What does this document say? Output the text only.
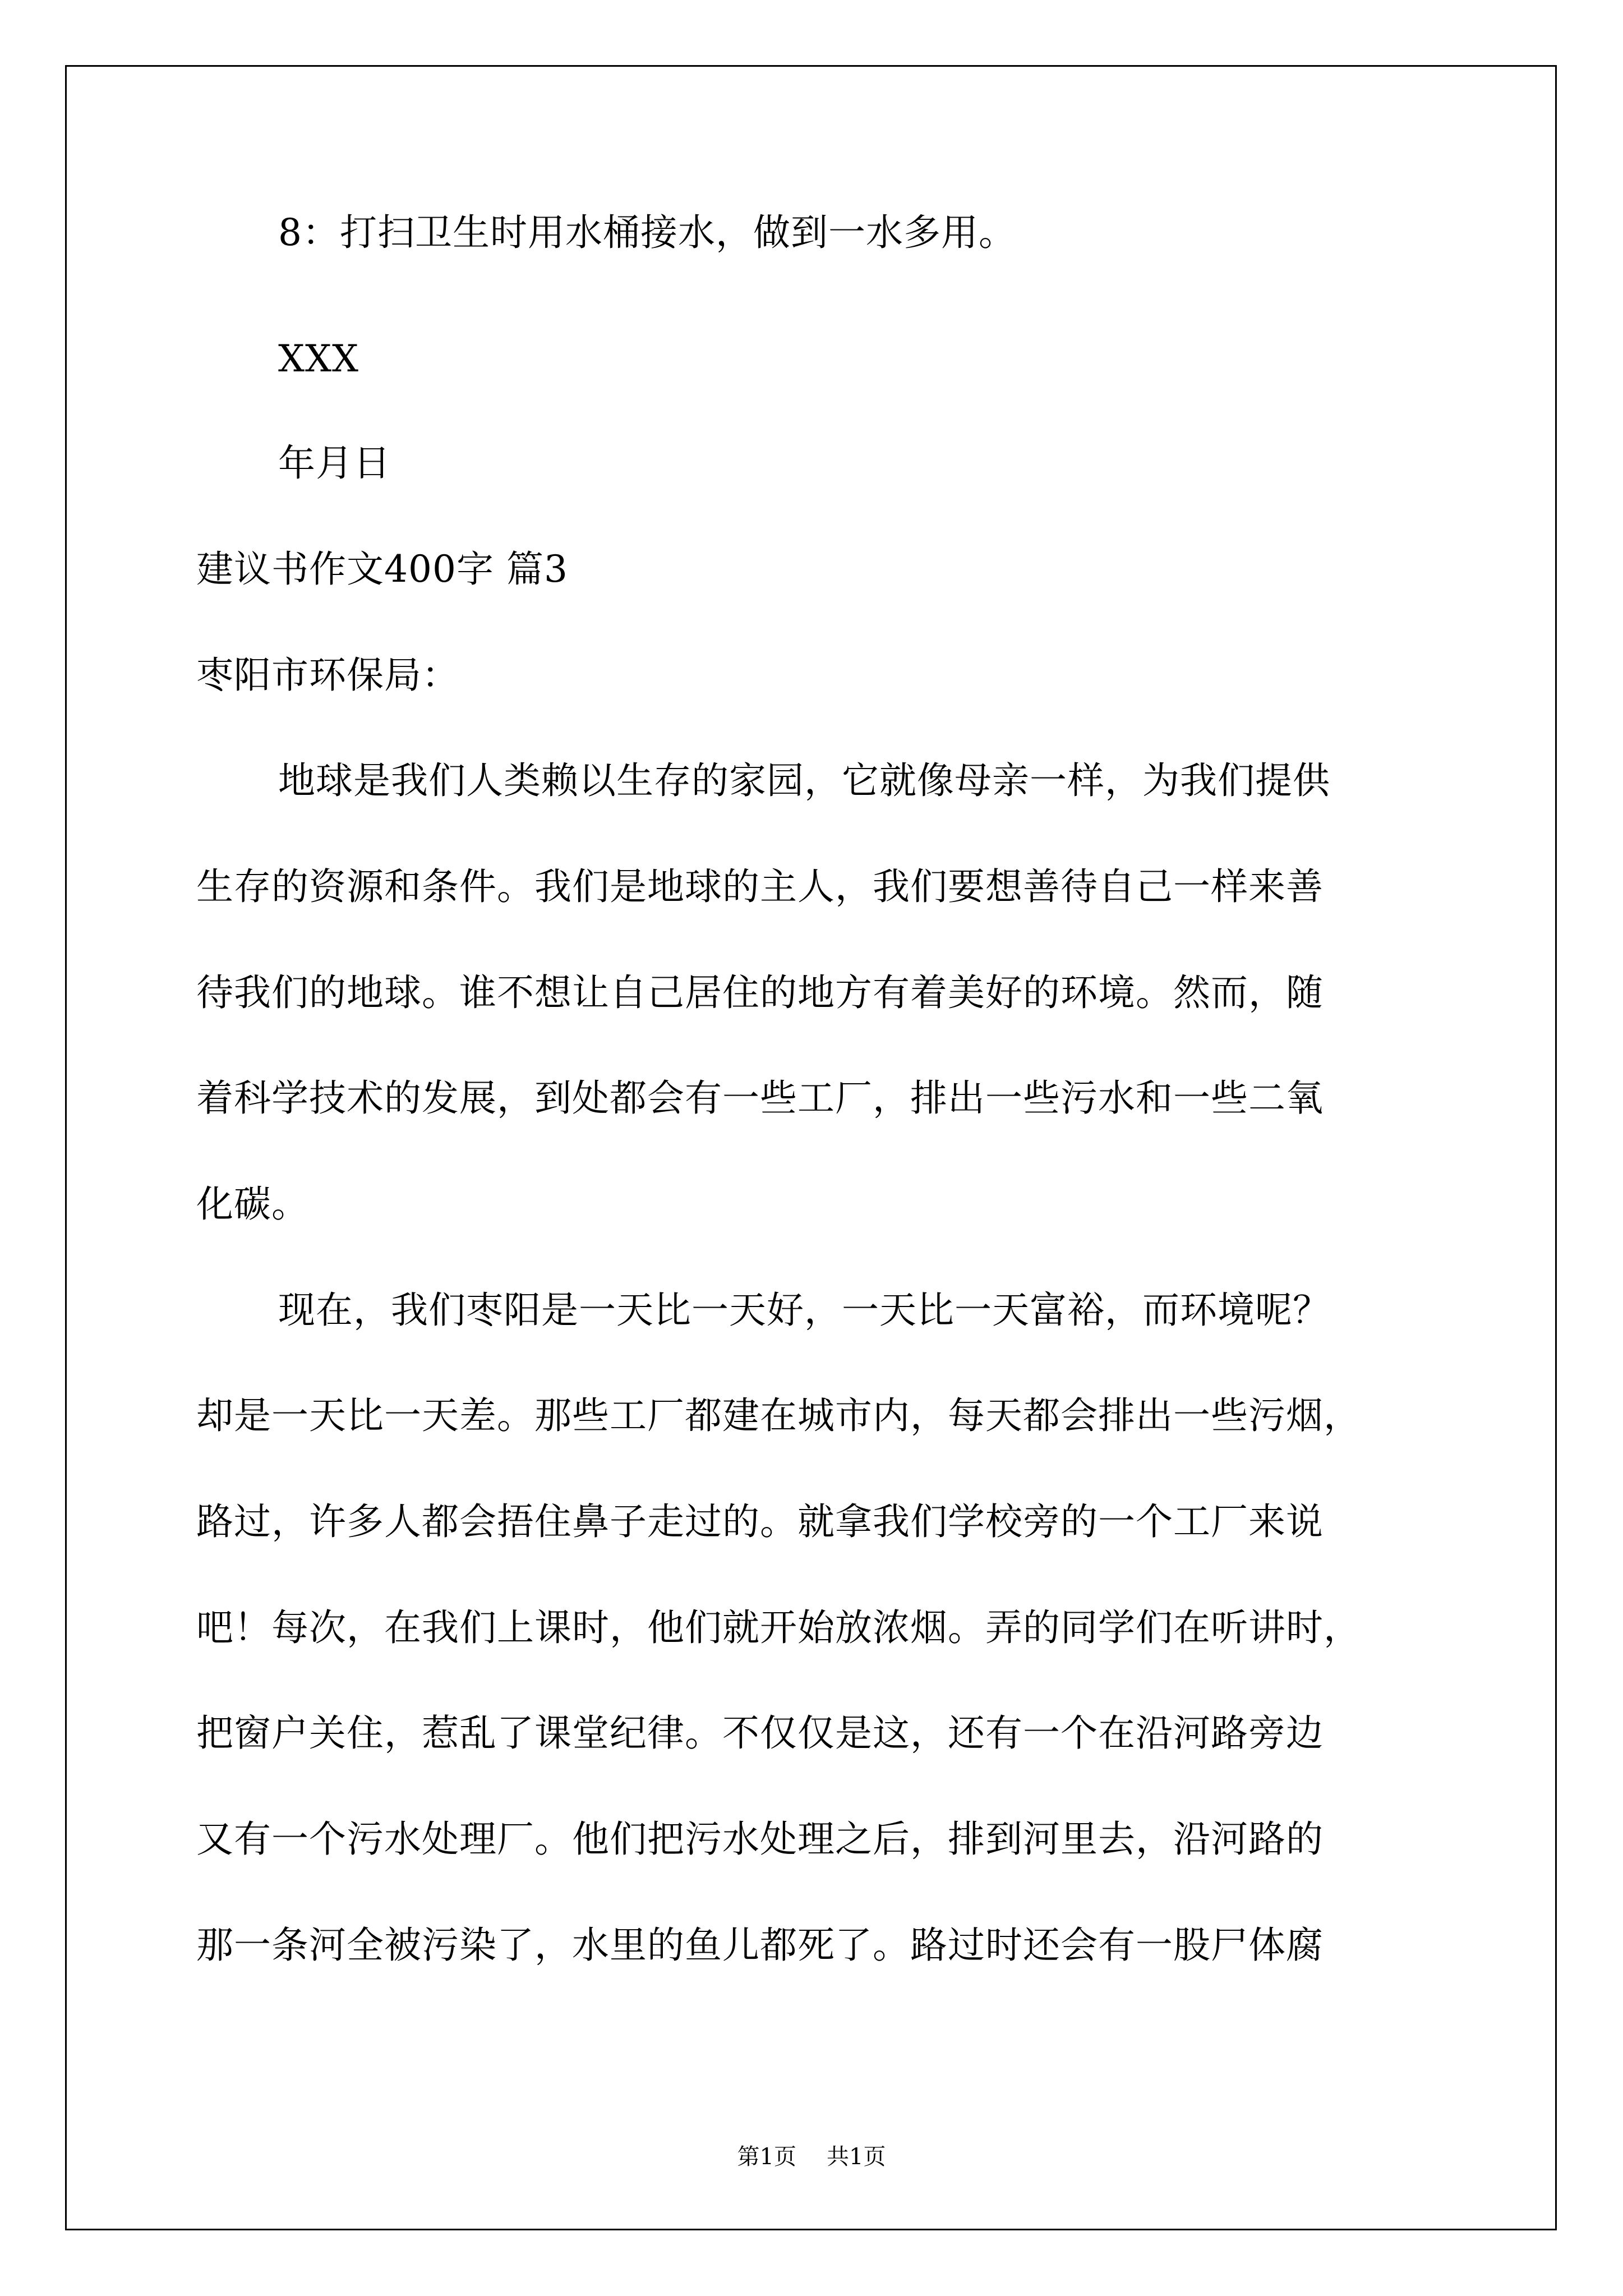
8：打扫卫生时用水桶接水，做到一水多用。
XXX
年月日
建议书作文400字 篇3
枣阳市环保局：
地球是我们人类赖以生存的家园，它就像母亲一样，为我们提供
生存的资源和条件。我们是地球的主人，我们要想善待自己一样来善
待我们的地球。谁不想让自己居住的地方有着美好的环境。然而，随
着科学技术的发展，到处都会有一些工厂，排出一些污水和一些二氧
化碳。
现在，我们枣阳是一天比一天好，一天比一天富裕，而环境呢？
却是一天比一天差。那些工厂都建在城市内，每天都会排出一些污烟，
路过，许多人都会捂住鼻子走过的。就拿我们学校旁的一个工厂来说
吧！每次，在我们上课时，他们就开始放浓烟。弄的同学们在听讲时，
把窗户关住，惹乱了课堂纪律。不仅仅是这，还有一个在沿河路旁边
又有一个污水处理厂。他们把污水处理之后，排到河里去，沿河路的
那一条河全被污染了，水里的鱼儿都死了。路过时还会有一股尸体腐
第1页 共1页
